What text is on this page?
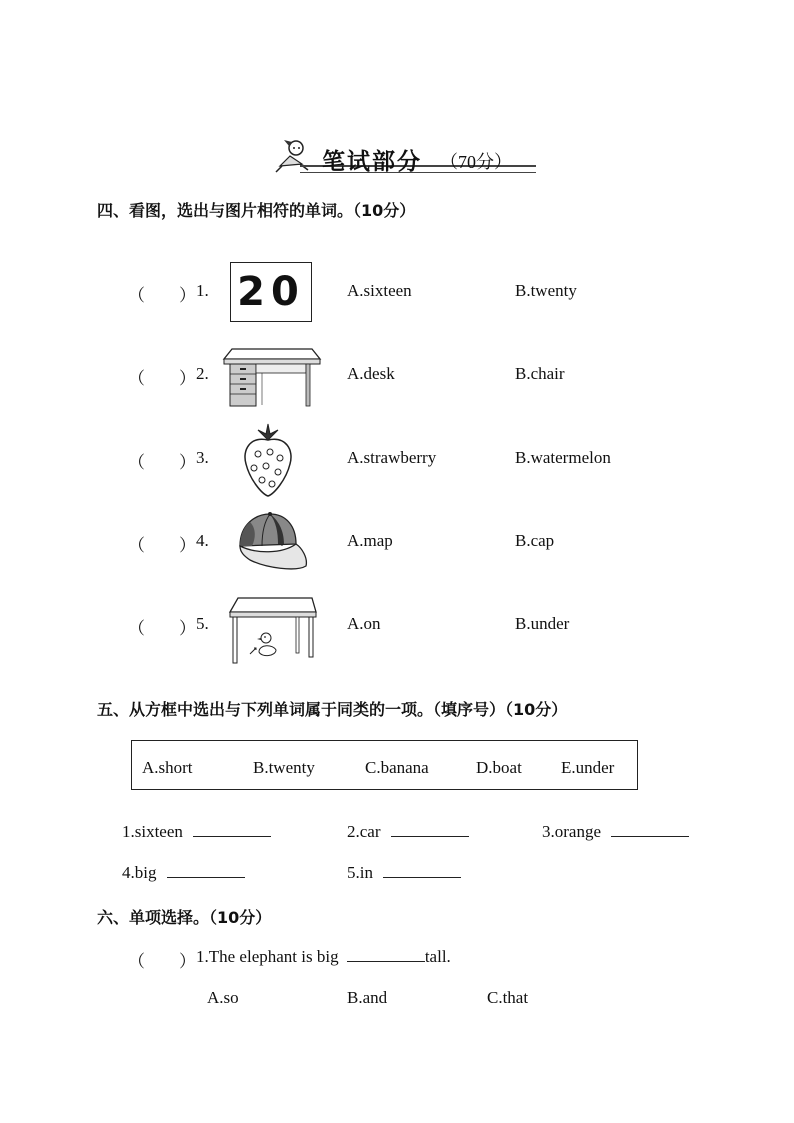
笔试部分 （70分）
四、看图，选出与图片相符的单词。（10分）
（　　） 1. 20	A.sixteen	B.twenty
（　　） 2.	A.desk	B.chair
（　　） 3.	A.strawberry	B.watermelon
（　　） 4.	A.map	B.cap
（　　） 5.	A.on	B.under
五、从方框中选出与下列单词属于同类的一项。（填序号）（10分）
A.short	B.twenty	C.banana	D.boat E.under
1.sixteen	2.car	3.orange
4.big	5.in
六、单项选择。（10分）
（　　） 1.The elephant is big	tall.
A.so	B.and	C.that
